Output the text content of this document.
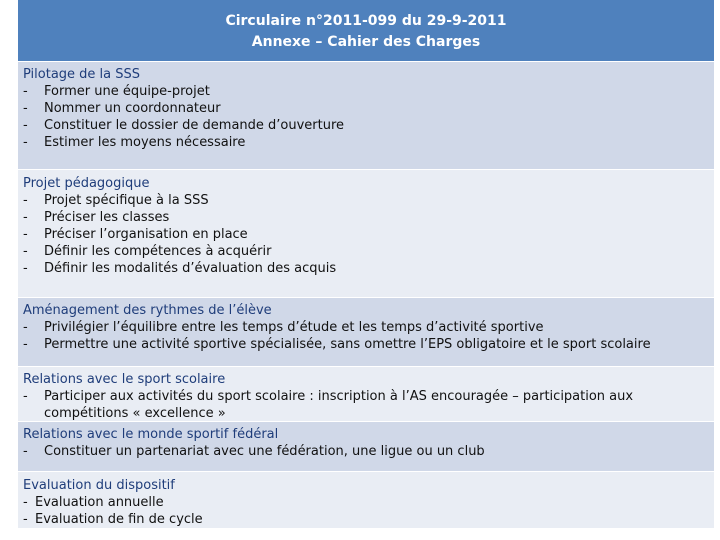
Circulaire n°2011-099 du 29-9-2011
Annexe – Cahier des Charges
Pilotage de la SSS
- Former une équipe-projet
- Nommer un coordonnateur
- Constituer le dossier de demande d’ouverture
- Estimer les moyens nécessaire
Projet pédagogique
- Projet spécifique à la SSS
- Préciser les classes
- Préciser l’organisation en place
- Définir les compétences à acquérir
- Définir les modalités d’évaluation des acquis
Aménagement des rythmes de l’élève
- Privilégier l’équilibre entre les temps d’étude et les temps d’activité sportive
- Permettre une activité sportive spécialisée, sans omettre l’EPS obligatoire et le sport scolaire
Relations avec le sport scolaire
- Participer aux activités du sport scolaire : inscription à l’AS encouragée – participation aux compétitions « excellence »
Relations avec le monde sportif fédéral
- Constituer un partenariat avec une fédération, une ligue ou un club
Evaluation du dispositif
- Evaluation annuelle
- Evaluation de fin de cycle
